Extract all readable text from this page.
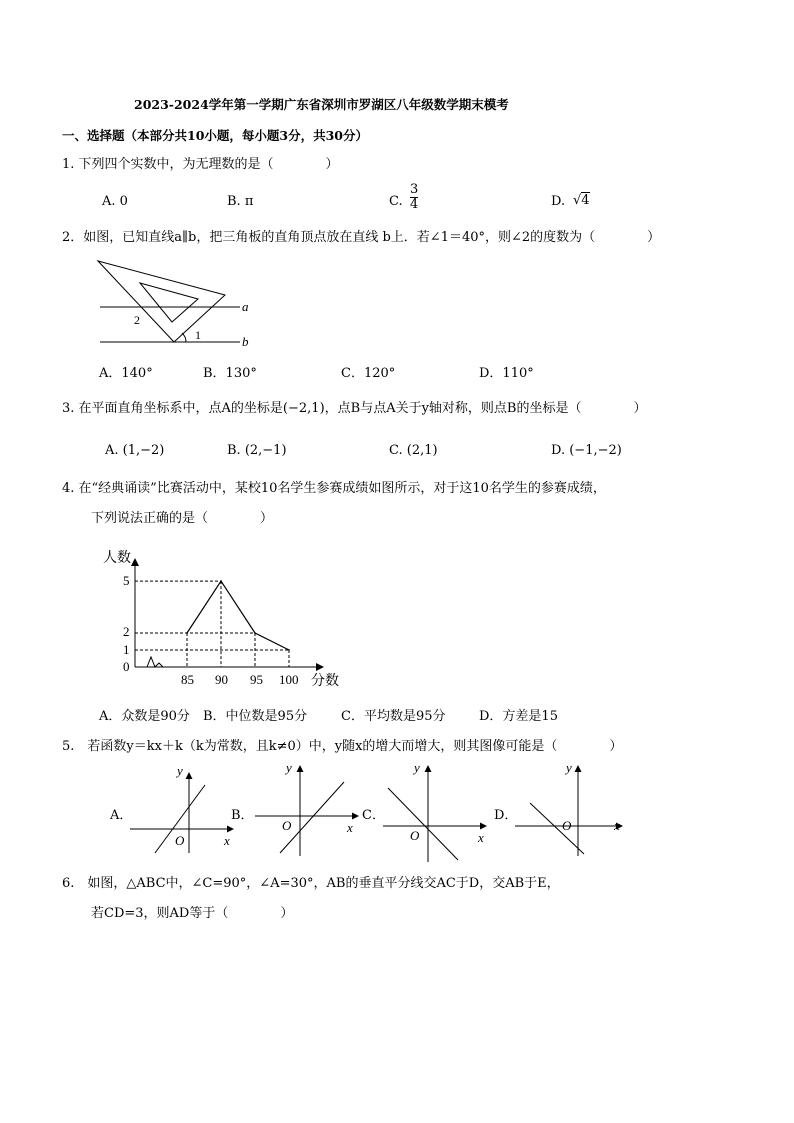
2023-2024学年第一学期广东省深圳市罗湖区八年级数学期末模考
一、选择题（本部分共10小题，每小题3分，共30分）
1. 下列四个实数中，为无理数的是（　　　　）
A. 0	B. π	C. $\frac{3}{4}$	D. √4
2．如图，已知直线a∥b，把三角板的直角顶点放在直线 b上．若∠1＝40°，则∠2的度数为（　　　　）
a
b
1
2
A．140°	B．130°	C．120°	D．110°
3. 在平面直角坐标系中，点A的坐标是(−2,1)，点B与点A关于y轴对称，则点B的坐标是（　　　　）
A. (1,−2)	B. (2,−1)	C. (2,1)	D. (−1,−2)
4. 在“经典诵读”比赛活动中，某校10名学生参赛成绩如图所示，对于这10名学生的参赛成绩，
下列说法正确的是（　　　　）
人数
分数
5
2
1
0
85 90 95 100
A．众数是90分 B．中位数是95分	C．平均数是95分	D．方差是15
5.　若函数y＝kx＋k（k为常数，且k≠0）中，y随x的增大而增大，则其图像可能是（　　　　）
A．
y
x
O
B．
y
x
O
C．
y
x
O
D．
y
x
O
6.　如图，△ABC中，∠C=90°，∠A=30°，AB的垂直平分线交AC于D，交AB于E，
若CD=3，则AD等于（　　　　）
